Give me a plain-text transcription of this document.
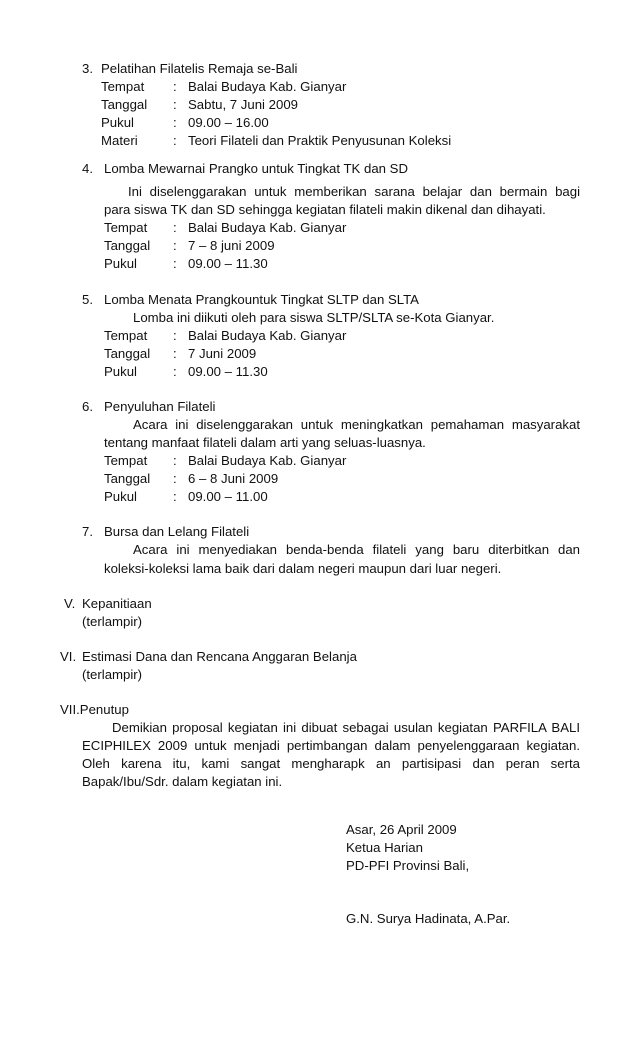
3. Pelatihan Filatelis Remaja se-Bali
Tempat : Balai Budaya Kab. Gianyar
Tanggal : Sabtu, 7 Juni 2009
Pukul	: 09.00 – 16.00
Materi	: Teori Filateli dan Praktik Penyusunan Koleksi
4. Lomba Mewarnai Prangko untuk Tingkat TK dan SD
Ini diselenggarakan untuk memberikan sarana belajar dan bermain bagi
para siswa TK dan SD sehingga kegiatan filateli makin dikenal dan dihayati.
Tempat : Balai Budaya Kab. Gianyar
Tanggal : 7 – 8 juni 2009
Pukul	: 09.00 – 11.30
5. Lomba Menata Prangkountuk Tingkat SLTP dan SLTA
Lomba ini diikuti oleh para siswa SLTP/SLTA se-Kota Gianyar.
Tempat : Balai Budaya Kab. Gianyar
Tanggal : 7 Juni 2009
Pukul	: 09.00 – 11.30
6. Penyuluhan Filateli
Acara ini diselenggarakan untuk meningkatkan pemahaman masyarakat
tentang manfaat filateli dalam arti yang seluas-luasnya.
Tempat : Balai Budaya Kab. Gianyar
Tanggal : 6 – 8 Juni 2009
Pukul	: 09.00 – 11.00
7. Bursa dan Lelang Filateli
Acara ini menyediakan benda-benda filateli yang baru diterbitkan dan
koleksi-koleksi lama baik dari dalam negeri maupun dari luar negeri.
V. Kepanitiaan
(terlampir)
VI. Estimasi Dana dan Rencana Anggaran Belanja
(terlampir)
VII.Penutup
Demikian proposal kegiatan ini dibuat sebagai usulan kegiatan PARFILA BALI
ECIPHILEX 2009 untuk menjadi pertimbangan dalam penyelenggaraan kegiatan.
Oleh karena itu, kami sangat mengharapk an partisipasi dan peran serta
Bapak/Ibu/Sdr. dalam kegiatan ini.
Asar, 26 April 2009
Ketua Harian
PD-PFI Provinsi Bali,
G.N. Surya Hadinata, A.Par.
